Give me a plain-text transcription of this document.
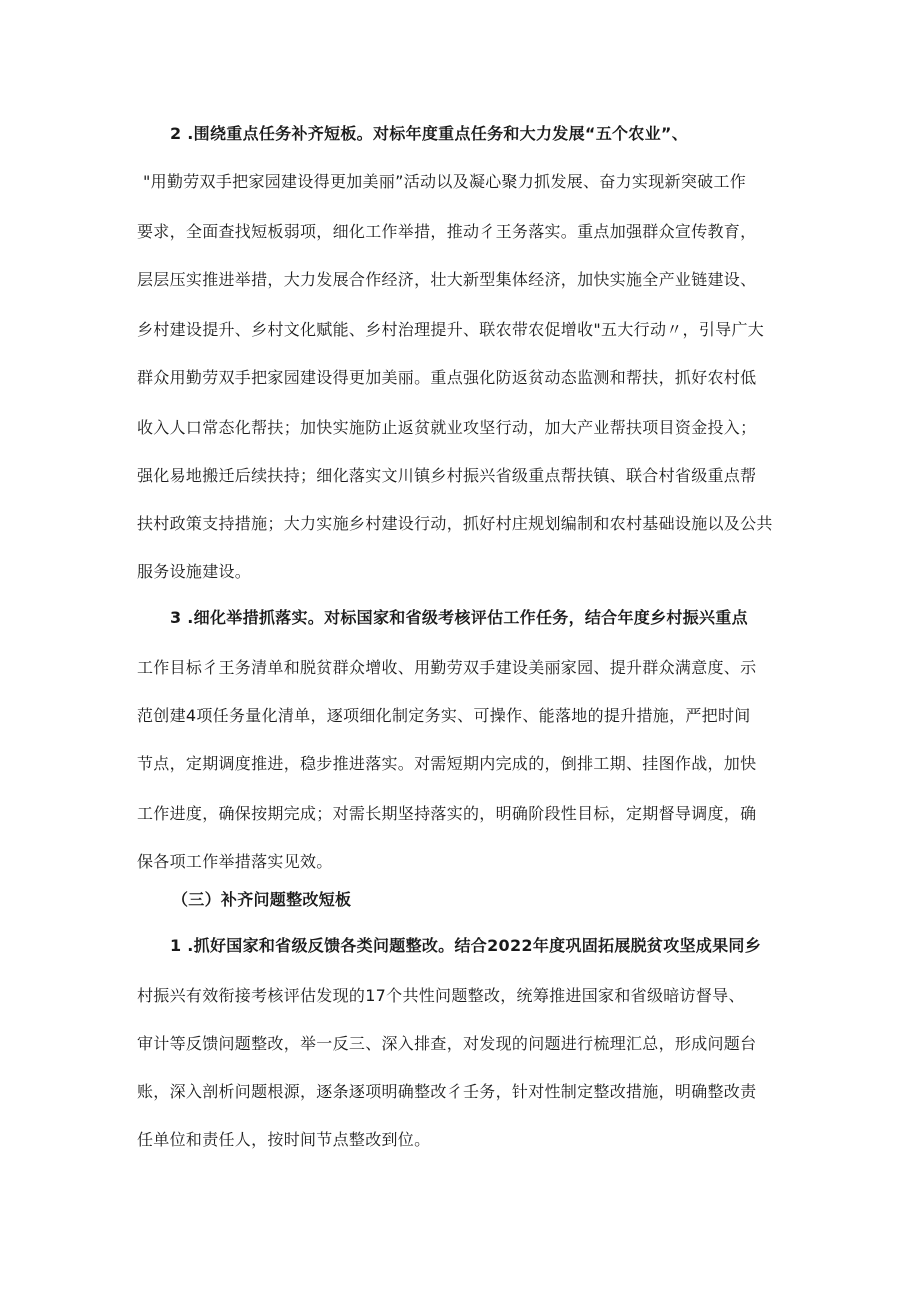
2 .围绕重点任务补齐短板。对标年度重点任务和大力发展“五个农业”、
"用勤劳双手把家园建设得更加美丽”活动以及凝心聚力抓发展、奋力实现新突破工作
要求，全面查找短板弱项，细化工作举措，推动彳王务落实。重点加强群众宣传教育，
层层压实推进举措，大力发展合作经济，壮大新型集体经济，加快实施全产业链建设、
乡村建设提升、乡村文化赋能、乡村治理提升、联农带农促增收"五大行动〃，引导广大
群众用勤劳双手把家园建设得更加美丽。重点强化防返贫动态监测和帮扶，抓好农村低
收入人口常态化帮扶；加快实施防止返贫就业攻坚行动，加大产业帮扶项目资金投入；
强化易地搬迁后续扶持；细化落实文川镇乡村振兴省级重点帮扶镇、联合村省级重点帮
扶村政策支持措施；大力实施乡村建设行动，抓好村庄规划编制和农村基础设施以及公共
服务设施建设。
3 .细化举措抓落实。对标国家和省级考核评估工作任务，结合年度乡村振兴重点
工作目标彳王务清单和脱贫群众增收、用勤劳双手建设美丽家园、提升群众满意度、示
范创建4项任务量化清单，逐项细化制定务实、可操作、能落地的提升措施，严把时间
节点，定期调度推进，稳步推进落实。对需短期内完成的，倒排工期、挂图作战，加快
工作进度，确保按期完成；对需长期坚持落实的，明确阶段性目标，定期督导调度，确
保各项工作举措落实见效。
（三）补齐问题整改短板
1 .抓好国家和省级反馈各类问题整改。结合2022年度巩固拓展脱贫攻坚成果同乡
村振兴有效衔接考核评估发现的17个共性问题整改，统筹推进国家和省级暗访督导、
审计等反馈问题整改，举一反三、深入排查，对发现的问题进行梳理汇总，形成问题台
账，深入剖析问题根源，逐条逐项明确整改彳壬务，针对性制定整改措施，明确整改责
任单位和责任人，按时间节点整改到位。
